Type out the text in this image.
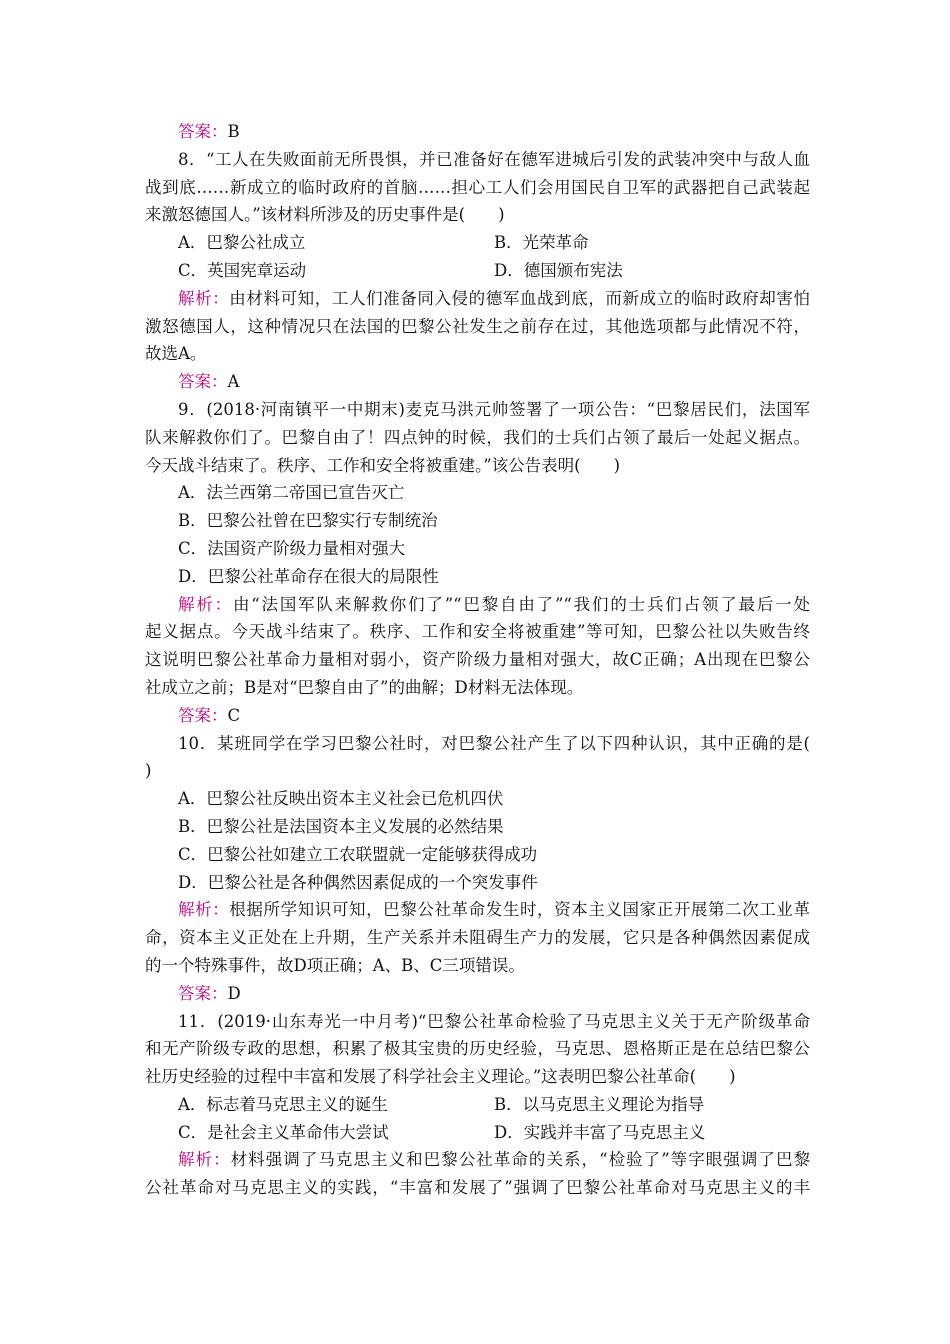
答案：B
8．“工人在失败面前无所畏惧，并已准备好在德军进城后引发的武装冲突中与敌人血
战到底……新成立的临时政府的首脑……担心工人们会用国民自卫军的武器把自己武装起
来激怒德国人。”该材料所涉及的历史事件是(　　)
A．巴黎公社成立	B．光荣革命
C．英国宪章运动	D．德国颁布宪法
解析：由材料可知，工人们准备同入侵的德军血战到底，而新成立的临时政府却害怕
激怒德国人，这种情况只在法国的巴黎公社发生之前存在过，其他选项都与此情况不符，
故选A。
答案：A
9．(2018·河南镇平一中期末)麦克马洪元帅签署了一项公告：“巴黎居民们，法国军
队来解救你们了。巴黎自由了！四点钟的时候，我们的士兵们占领了最后一处起义据点。
今天战斗结束了。秩序、工作和安全将被重建。”该公告表明(　　)
A．法兰西第二帝国已宣告灭亡
B．巴黎公社曾在巴黎实行专制统治
C．法国资产阶级力量相对强大
D．巴黎公社革命存在很大的局限性
解析：由“法国军队来解救你们了”“巴黎自由了”“我们的士兵们占领了最后一处
起义据点。今天战斗结束了。秩序、工作和安全将被重建”等可知，巴黎公社以失败告终
这说明巴黎公社革命力量相对弱小，资产阶级力量相对强大，故C正确；A出现在巴黎公
社成立之前；B是对“巴黎自由了”的曲解；D材料无法体现。
答案：C
10．某班同学在学习巴黎公社时，对巴黎公社产生了以下四种认识，其中正确的是(
)
A．巴黎公社反映出资本主义社会已危机四伏
B．巴黎公社是法国资本主义发展的必然结果
C．巴黎公社如建立工农联盟就一定能够获得成功
D．巴黎公社是各种偶然因素促成的一个突发事件
解析：根据所学知识可知，巴黎公社革命发生时，资本主义国家正开展第二次工业革
命，资本主义正处在上升期，生产关系并未阻碍生产力的发展，它只是各种偶然因素促成
的一个特殊事件，故D项正确；A、B、C三项错误。
答案：D
11．(2019·山东寿光一中月考)“巴黎公社革命检验了马克思主义关于无产阶级革命
和无产阶级专政的思想，积累了极其宝贵的历史经验，马克思、恩格斯正是在总结巴黎公
社历史经验的过程中丰富和发展了科学社会主义理论。”这表明巴黎公社革命(　　)
A．标志着马克思主义的诞生	B．以马克思主义理论为指导
C．是社会主义革命伟大尝试	D．实践并丰富了马克思主义
解析：材料强调了马克思主义和巴黎公社革命的关系，“检验了”等字眼强调了巴黎
公社革命对马克思主义的实践，“丰富和发展了”强调了巴黎公社革命对马克思主义的丰
